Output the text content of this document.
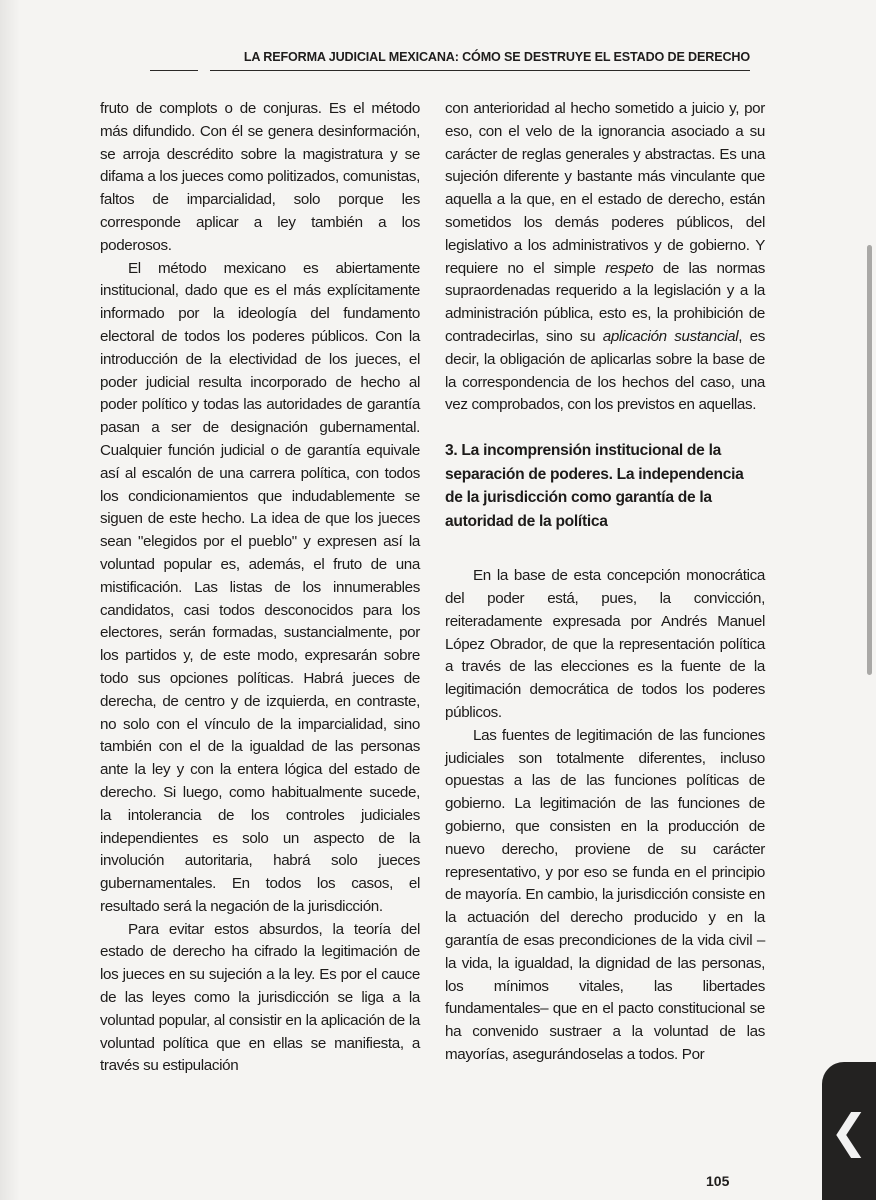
LA REFORMA JUDICIAL MEXICANA: CÓMO SE DESTRUYE EL ESTADO DE DERECHO

fruto de complots o de conjuras. Es el método más difundido. Con él se genera desinformación, se arroja descrédito sobre la magistratura y se difama a los jueces como politizados, comunistas, faltos de imparcialidad, solo porque les corresponde aplicar a ley también a los poderosos.

El método mexicano es abiertamente institucional, dado que es el más explícitamente informado por la ideología del fundamento electoral de todos los poderes públicos. Con la introducción de la electividad de los jueces, el poder judicial resulta incorporado de hecho al poder político y todas las autoridades de garantía pasan a ser de designación gubernamental. Cualquier función judicial o de garantía equivale así al escalón de una carrera política, con todos los condicionamientos que indudablemente se siguen de este hecho. La idea de que los jueces sean "elegidos por el pueblo" y expresen así la voluntad popular es, además, el fruto de una mistificación. Las listas de los innumerables candidatos, casi todos desconocidos para los electores, serán formadas, sustancialmente, por los partidos y, de este modo, expresarán sobre todo sus opciones políticas. Habrá jueces de derecha, de centro y de izquierda, en contraste, no solo con el vínculo de la imparcialidad, sino también con el de la igualdad de las personas ante la ley y con la entera lógica del estado de derecho. Si luego, como habitualmente sucede, la intolerancia de los controles judiciales independientes es solo un aspecto de la involución autoritaria, habrá solo jueces gubernamentales. En todos los casos, el resultado será la negación de la jurisdicción.

Para evitar estos absurdos, la teoría del estado de derecho ha cifrado la legitimación de los jueces en su sujeción a la ley. Es por el cauce de las leyes como la jurisdicción se liga a la voluntad popular, al consistir en la aplicación de la voluntad política que en ellas se manifiesta, a través su estipulación

con anterioridad al hecho sometido a juicio y, por eso, con el velo de la ignorancia asociado a su carácter de reglas generales y abstractas. Es una sujeción diferente y bastante más vinculante que aquella a la que, en el estado de derecho, están sometidos los demás poderes públicos, del legislativo a los administrativos y de gobierno. Y requiere no el simple respeto de las normas supraordenadas requerido a la legislación y a la administración pública, esto es, la prohibición de contradecirlas, sino su aplicación sustancial, es decir, la obligación de aplicarlas sobre la base de la correspondencia de los hechos del caso, una vez comprobados, con los previstos en aquellas.

3. La incomprensión institucional de la separación de poderes. La independencia de la jurisdicción como garantía de la autoridad de la política

En la base de esta concepción monocrática del poder está, pues, la convicción, reiteradamente expresada por Andrés Manuel López Obrador, de que la representación política a través de las elecciones es la fuente de la legitimación democrática de todos los poderes públicos.

Las fuentes de legitimación de las funciones judiciales son totalmente diferentes, incluso opuestas a las de las funciones políticas de gobierno. La legitimación de las funciones de gobierno, que consisten en la producción de nuevo derecho, proviene de su carácter representativo, y por eso se funda en el principio de mayoría. En cambio, la jurisdicción consiste en la actuación del derecho producido y en la garantía de esas precondiciones de la vida civil –la vida, la igualdad, la dignidad de las personas, los mínimos vitales, las libertades fundamentales– que en el pacto constitucional se ha convenido sustraer a la voluntad de las mayorías, asegurándoselas a todos. Por

105
❮
